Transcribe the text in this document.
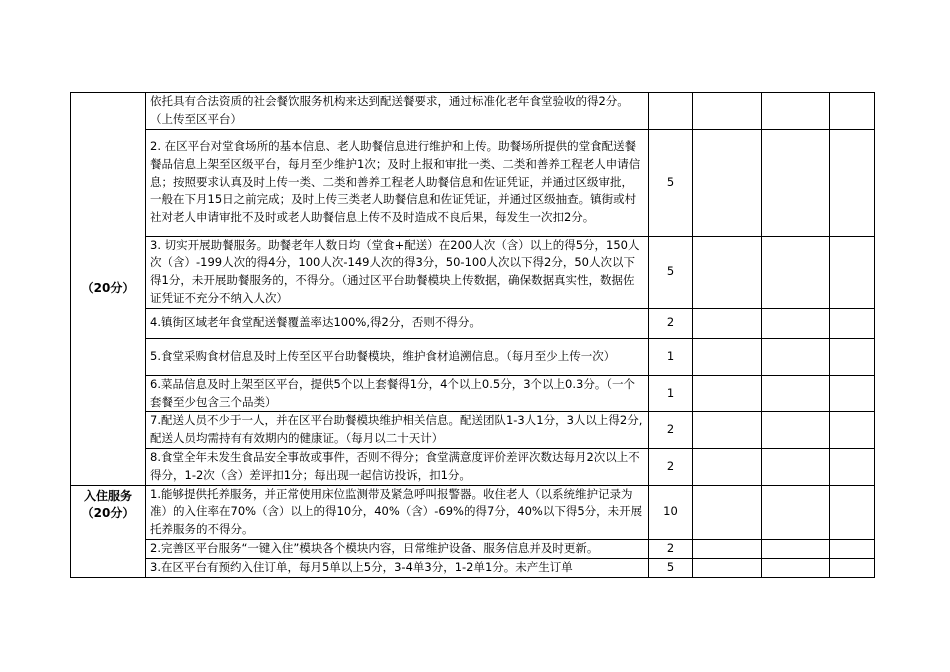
（20分）	依托具有合法资质的社会餐饮服务机构来达到配送餐要求，通过标准化老年食堂验收的得2分。（上传至区平台）				
	2. 在区平台对堂食场所的基本信息、老人助餐信息进行维护和上传。助餐场所提供的堂食配送餐餐品信息上架至区级平台，每月至少维护1次；及时上报和审批一类、二类和善养工程老人申请信息；按照要求认真及时上传一类、二类和善养工程老人助餐信息和佐证凭证，并通过区级审批，一般在下月15日之前完成；及时上传三类老人助餐信息和佐证凭证，并通过区级抽查。镇街或村社对老人申请审批不及时或老人助餐信息上传不及时造成不良后果，每发生一次扣2分。	5			
	3. 切实开展助餐服务。助餐老年人数日均（堂食+配送）在200人次（含）以上的得5分，150人次（含）-199人次的得4分，100人次-149人次的得3分，50-100人次以下得2分，50人次以下得1分，未开展助餐服务的，不得分。（通过区平台助餐模块上传数据，确保数据真实性，数据佐证凭证不充分不纳入人次）	5			
	4.镇街区域老年食堂配送餐覆盖率达100%,得2分，否则不得分。	2			
	5.食堂采购食材信息及时上传至区平台助餐模块，维护食材追溯信息。（每月至少上传一次）	1			
	6.菜品信息及时上架至区平台，提供5个以上套餐得1分，4个以上0.5分，3个以上0.3分。（一个套餐至少包含三个品类）	1			
	7.配送人员不少于一人，并在区平台助餐模块维护相关信息。配送团队1-3人1分，3人以上得2分,配送人员均需持有有效期内的健康证。（每月以二十天计）	2			
	8.食堂全年未发生食品安全事故或事件，否则不得分；食堂满意度评价差评次数达每月2次以上不得分，1-2次（含）差评扣1分；每出现一起信访投诉，扣1分。	2			
入住服务（20分）	1.能够提供托养服务，并正常使用床位监测带及紧急呼叫报警器。收住老人（以系统维护记录为准）的入住率在70%（含）以上的得10分，40%（含）-69%的得7分，40%以下得5分，未开展托养服务的不得分。	10			
	2.完善区平台服务“一键入住”模块各个模块内容，日常维护设备、服务信息并及时更新。	2			
	3.在区平台有预约入住订单，每月5单以上5分，3-4单3分，1-2单1分。未产生订单	5			
